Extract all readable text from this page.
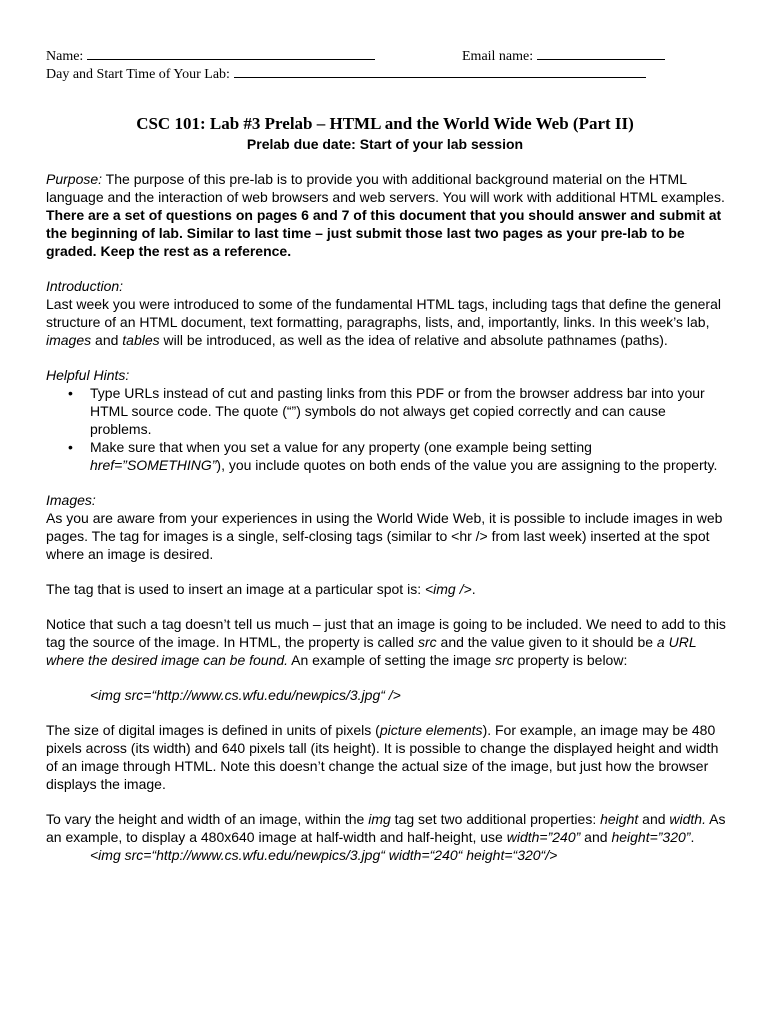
Name:	Email name:
Day and Start Time of Your Lab:
CSC 101: Lab #3 Prelab – HTML and the World Wide Web (Part II)
Prelab due date: Start of your lab session

Purpose: The purpose of this pre-lab is to provide you with additional background material on the HTML language and the interaction of web browsers and web servers. You will work with additional HTML examples. There are a set of questions on pages 6 and 7 of this document that you should answer and submit at the beginning of lab. Similar to last time – just submit those last two pages as your pre-lab to be graded. Keep the rest as a reference.

Introduction:

Last week you were introduced to some of the fundamental HTML tags, including tags that define the general structure of an HTML document, text formatting, paragraphs, lists, and, importantly, links. In this week’s lab, images and tables will be introduced, as well as the idea of relative and absolute pathnames (paths).

Helpful Hints:

• Type URLs instead of cut and pasting links from this PDF or from the browser address bar into your HTML source code. The quote (“”) symbols do not always get copied correctly and can cause problems.
• Make sure that when you set a value for any property (one example being setting href=”SOMETHING”), you include quotes on both ends of the value you are assigning to the property.

Images:

As you are aware from your experiences in using the World Wide Web, it is possible to include images in web pages. The tag for images is a single, self-closing tags (similar to <hr /> from last week) inserted at the spot where an image is desired.

The tag that is used to insert an image at a particular spot is: <img />.

Notice that such a tag doesn’t tell us much – just that an image is going to be included. We need to add to this tag the source of the image. In HTML, the property is called src and the value given to it should be a URL where the desired image can be found. An example of setting the image src property is below:

<img src=“http://www.cs.wfu.edu/newpics/3.jpg“ />

The size of digital images is defined in units of pixels (picture elements). For example, an image may be 480 pixels across (its width) and 640 pixels tall (its height). It is possible to change the displayed height and width of an image through HTML. Note this doesn’t change the actual size of the image, but just how the browser displays the image.

To vary the height and width of an image, within the img tag set two additional properties: height and width. As an example, to display a 480x640 image at half-width and half-height, use width=”240” and height=”320”.

<img src=“http://www.cs.wfu.edu/newpics/3.jpg“ width=“240“ height=“320“/>
